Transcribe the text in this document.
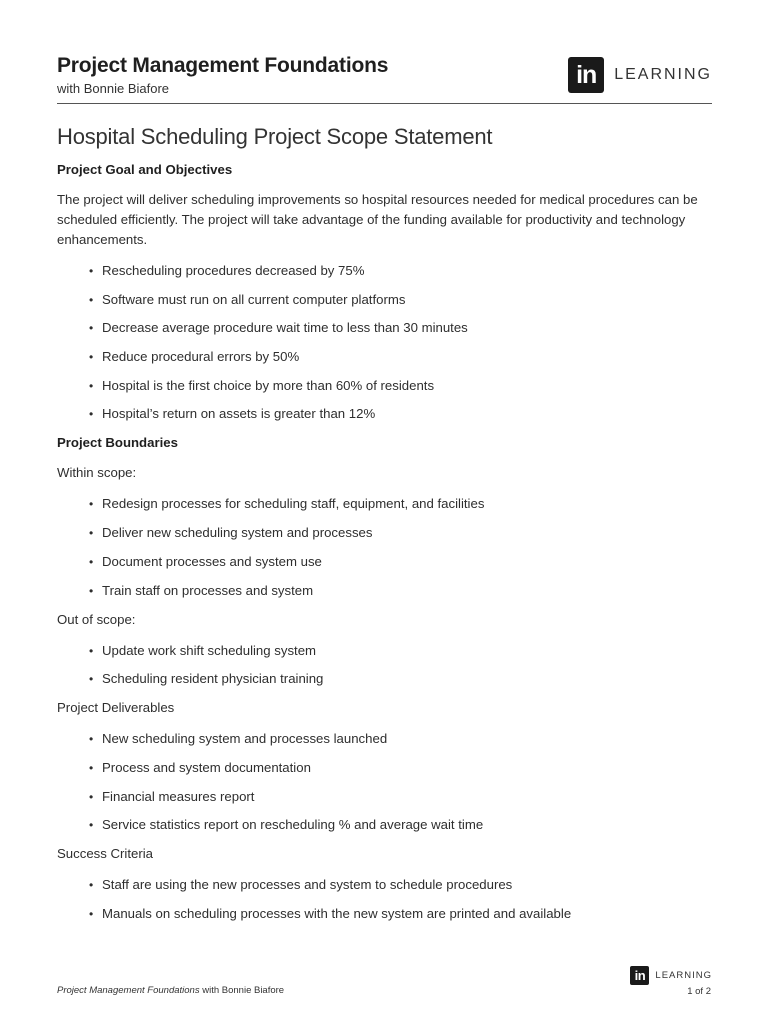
Project Management Foundations
with Bonnie Biafore	in	LEARNING
Hospital Scheduling Project Scope Statement
Project Goal and Objectives

The project will deliver scheduling improvements so hospital resources needed for medical procedures can be scheduled efficiently. The project will take advantage of the funding available for productivity and technology enhancements.

• Rescheduling procedures decreased by 75%
• Software must run on all current computer platforms
• Decrease average procedure wait time to less than 30 minutes
• Reduce procedural errors by 50%
• Hospital is the first choice by more than 60% of residents
• Hospital’s return on assets is greater than 12%
Project Boundaries
Within scope:
• Redesign processes for scheduling staff, equipment, and facilities
• Deliver new scheduling system and processes
• Document processes and system use
• Train staff on processes and system
Out of scope:
• Update work shift scheduling system
• Scheduling resident physician training
Project Deliverables
• New scheduling system and processes launched
• Process and system documentation
• Financial measures report
• Service statistics report on rescheduling % and average wait time
Success Criteria
• Staff are using the new processes and system to schedule procedures
• Manuals on scheduling processes with the new system are printed and available
in	LEARNING
Project Management Foundations with Bonnie Biafore	1 of 2
